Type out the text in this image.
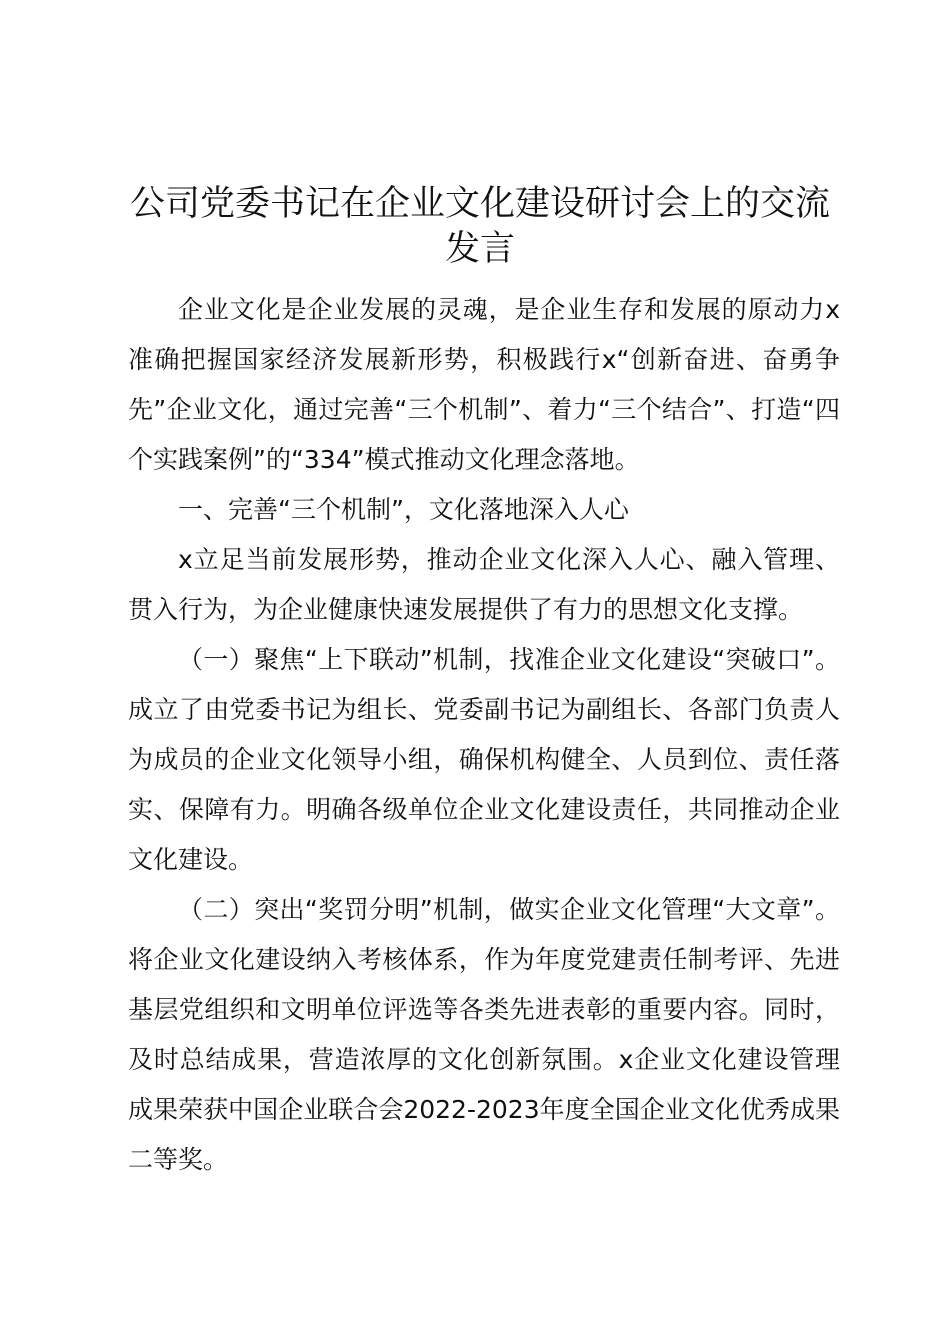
公司党委书记在企业文化建设研讨会上的交流发言

企业文化是企业发展的灵魂，是企业生存和发展的原动力x准确把握国家经济发展新形势，积极践行x“创新奋进、奋勇争先”企业文化，通过完善“三个机制”、着力“三个结合”、打造“四个实践案例”的“334”模式推动文化理念落地。

一、完善“三个机制”，文化落地深入人心

x立足当前发展形势，推动企业文化深入人心、融入管理、贯入行为，为企业健康快速发展提供了有力的思想文化支撑。

（一）聚焦“上下联动”机制，找准企业文化建设“突破口”。成立了由党委书记为组长、党委副书记为副组长、各部门负责人为成员的企业文化领导小组，确保机构健全、人员到位、责任落实、保障有力。明确各级单位企业文化建设责任，共同推动企业文化建设。

（二）突出“奖罚分明”机制，做实企业文化管理“大文章”。将企业文化建设纳入考核体系，作为年度党建责任制考评、先进基层党组织和文明单位评选等各类先进表彰的重要内容。同时，及时总结成果，营造浓厚的文化创新氛围。x企业文化建设管理成果荣获中国企业联合会2022-2023年度全国企业文化优秀成果二等奖。
